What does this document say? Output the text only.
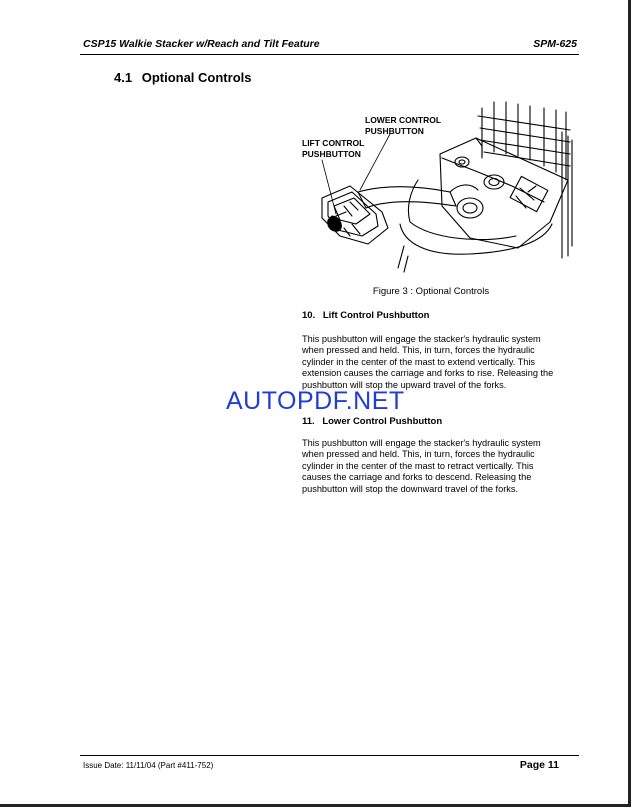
CSP15 Walkie Stacker w/Reach and Tilt Feature	SPM-625
4.1 Optional Controls
LOWER CONTROL
PUSHBUTTON
LIFT CONTROL
PUSHBUTTON
Figure 3 : Optional Controls
10. Lift Control Pushbutton
This pushbutton will engage the stacker's hydraulic system when pressed and held. This, in turn, forces the hydraulic cylinder in the center of the mast to extend vertically. This extension causes the carriage and forks to rise. Releasing the pushbutton will stop the upward travel of the forks.
11. Lower Control Pushbutton
This pushbutton will engage the stacker's hydraulic system when pressed and held. This, in turn, forces the hydraulic cylinder in the center of the mast to retract vertically. This causes the carriage and forks to descend. Releasing the pushbutton will stop the downward travel of the forks.
AUTOPDF.NET
Issue Date: 11/11/04 (Part #411-752)	Page 11
